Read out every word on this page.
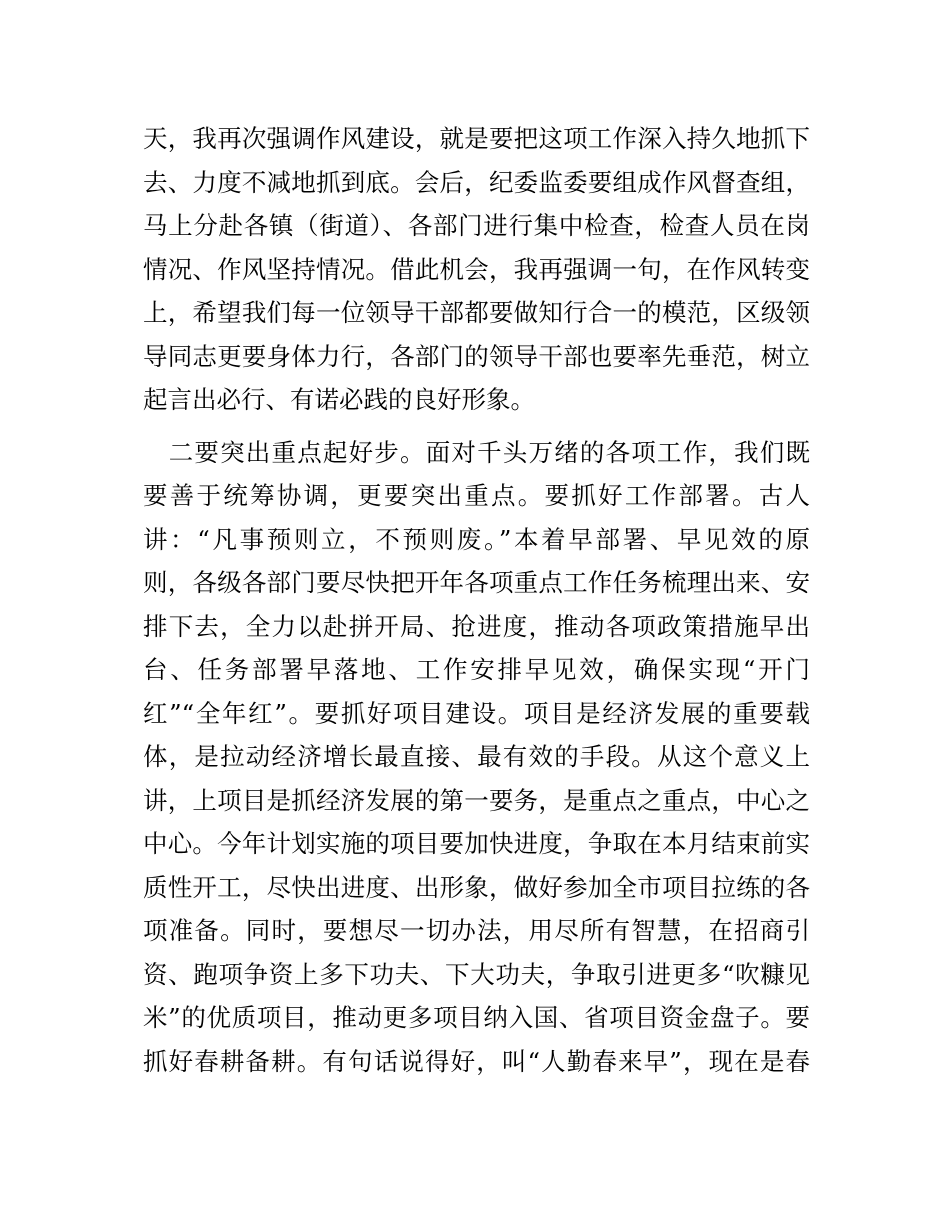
天，我再次强调作风建设，就是要把这项工作深入持久地抓下
去、力度不减地抓到底。会后，纪委监委要组成作风督查组，
马上分赴各镇（街道）、各部门进行集中检查，检查人员在岗
情况、作风坚持情况。借此机会，我再强调一句，在作风转变
上，希望我们每一位领导干部都要做知行合一的模范，区级领
导同志更要身体力行，各部门的领导干部也要率先垂范，树立
起言出必行、有诺必践的良好形象。
　二要突出重点起好步。面对千头万绪的各项工作，我们既
要善于统筹协调，更要突出重点。要抓好工作部署。古人
讲：“凡事预则立，不预则废。”本着早部署、早见效的原
则，各级各部门要尽快把开年各项重点工作任务梳理出来、安
排下去，全力以赴拼开局、抢进度，推动各项政策措施早出
台、任务部署早落地、工作安排早见效，确保实现“开门
红”“全年红”。要抓好项目建设。项目是经济发展的重要载
体，是拉动经济增长最直接、最有效的手段。从这个意义上
讲，上项目是抓经济发展的第一要务，是重点之重点，中心之
中心。今年计划实施的项目要加快进度，争取在本月结束前实
质性开工，尽快出进度、出形象，做好参加全市项目拉练的各
项准备。同时，要想尽一切办法，用尽所有智慧，在招商引
资、跑项争资上多下功夫、下大功夫，争取引进更多“吹糠见
米”的优质项目，推动更多项目纳入国、省项目资金盘子。要
抓好春耕备耕。有句话说得好，叫“人勤春来早”，现在是春
